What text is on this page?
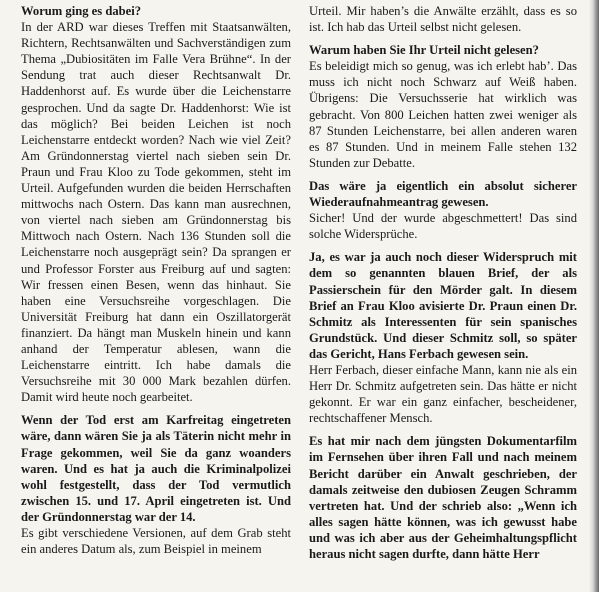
Worum ging es dabei?

In der ARD war dieses Treffen mit Staatsanwälten, Richtern, Rechtsanwälten und Sachverständigen zum Thema „Dubiositäten im Falle Vera Brühne“. In der Sendung trat auch dieser Rechtsanwalt Dr. Haddenhorst auf. Es wurde über die Leichenstarre gesprochen. Und da sagte Dr. Haddenhorst: Wie ist das möglich? Bei beiden Leichen ist noch Leichenstarre entdeckt worden? Nach wie viel Zeit? Am Gründonnerstag viertel nach sieben sein Dr. Praun und Frau Kloo zu Tode gekommen, steht im Urteil. Aufgefunden wurden die beiden Herrschaften mittwochs nach Ostern. Das kann man ausrechnen, von viertel nach sieben am Gründonnerstag bis Mittwoch nach Ostern. Nach 136 Stunden soll die Leichenstarre noch ausgeprägt sein? Da sprangen er und Professor Forster aus Freiburg auf und sagten: Wir fressen einen Besen, wenn das hinhaut. Sie haben eine Versuchsreihe vorgeschlagen. Die Universität Freiburg hat dann ein Oszillatorgerät finanziert. Da hängt man Muskeln hinein und kann anhand der Temperatur ablesen, wann die Leichenstarre eintritt. Ich habe damals die Versuchsreihe mit 30 000 Mark bezahlen dürfen. Damit wird heute noch gearbeitet.

Wenn der Tod erst am Karfreitag eingetreten wäre, dann wären Sie ja als Täterin nicht mehr in Frage gekommen, weil Sie da ganz woanders waren. Und es hat ja auch die Kriminalpolizei wohl festgestellt, dass der Tod vermutlich zwischen 15. und 17. April eingetreten ist. Und der Gründonnerstag war der 14.

Es gibt verschiedene Versionen, auf dem Grab steht ein anderes Datum als, zum Beispiel in meinem

Urteil. Mir haben’s die Anwälte erzählt, dass es so ist. Ich hab das Urteil selbst nicht gelesen.

Warum haben Sie Ihr Urteil nicht gelesen?

Es beleidigt mich so genug, was ich erlebt hab’. Das muss ich nicht noch Schwarz auf Weiß haben. Übrigens: Die Versuchsserie hat wirklich was gebracht. Von 800 Leichen hatten zwei weniger als 87 Stunden Leichenstarre, bei allen anderen waren es 87 Stunden. Und in meinem Falle stehen 132 Stunden zur Debatte.

Das wäre ja eigentlich ein absolut sicherer Wiederaufnahmeantrag gewesen.

Sicher! Und der wurde abgeschmettert! Das sind solche Widersprüche.

Ja, es war ja auch noch dieser Widerspruch mit dem so genannten blauen Brief, der als Passierschein für den Mörder galt. In diesem Brief an Frau Kloo avisierte Dr. Praun einen Dr. Schmitz als Interessenten für sein spanisches Grundstück. Und dieser Schmitz soll, so später das Gericht, Hans Ferbach gewesen sein.

Herr Ferbach, dieser einfache Mann, kann nie als ein Herr Dr. Schmitz aufgetreten sein. Das hätte er nicht gekonnt. Er war ein ganz einfacher, bescheidener, rechtschaffener Mensch.

Es hat mir nach dem jüngsten Dokumentarfilm im Fernsehen über ihren Fall und nach meinem Bericht darüber ein Anwalt geschrieben, der damals zeitweise den dubiosen Zeugen Schramm vertreten hat. Und der schrieb also: „Wenn ich alles sagen hätte können, was ich gewusst habe und was ich aber aus der Geheimhaltungspflicht heraus nicht sagen durfte, dann hätte Herr
